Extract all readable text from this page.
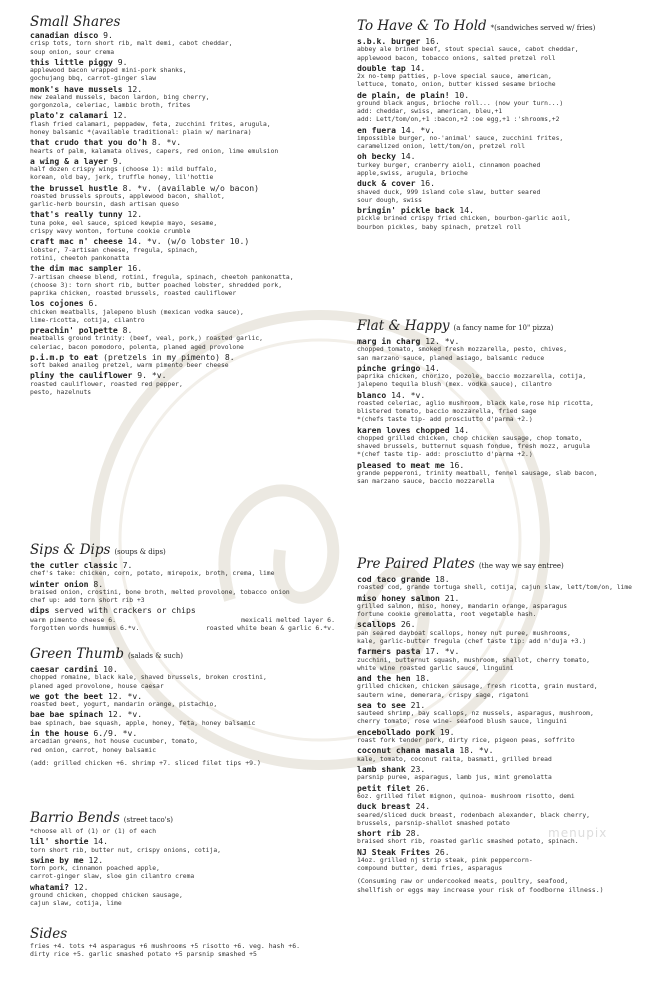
Small Shares
canadian disco 9.
crisp tots, torn short rib, malt demi, cabot cheddar,
soup onion, sour crema
this little piggy 9.
applewood bacon wrapped mini-pork shanks,
gochujang bbq, carrot-ginger slaw
monk's have mussels 12.
new zealand mussels, bacon lardon, bing cherry,
gorgonzola, celeriac, lambic broth, frites
plato'z calamari 12.
flash fried calamari, peppadew, feta, zucchini frites, arugula,
honey balsamic *(available traditional: plain w/ marinara)
that crudo that you do'h 8. *v.
hearts of palm, kalamata olives, capers, red onion, lime emulsion
a wing & a layer 9.
half dozen crispy wings (choose 1): mild buffalo,
korean, old bay, jerk, truffle honey, lil'hottie
the brussel hustle 8. *v. (available w/o bacon)
roasted brussels sprouts, applewood bacon, shallot,
garlic-herb boursin, dash artisan queso
that's really tunny 12.
tuna poke, eel sauce, spiced kewpie mayo, sesame,
crispy wavy wonton, fortune cookie crumble
craft mac n' cheese 14. *v. (w/o lobster 10.)
lobster, 7-artisan cheese, fregula, spinach,
rotini, cheetoh pankonatta
the dim mac sampler 16.
7-artisan cheese blend, rotini, fregula, spinach, cheetoh pankonatta,
(choose 3): torn short rib, butter poached lobster, shredded pork,
paprika chicken, roasted brussels, roasted cauliflower
los cojones 6.
chicken meatballs, jalepeno blush (mexican vodka sauce),
lime-ricotta, cotija, cilantro
preachin' polpette 8.
meatballs ground trinity: (beef, veal, pork,) roasted garlic,
celeriac, bacon pomodoro, polenta, planed aged provolone
p.i.m.p to eat (pretzels in my pimento) 8.
soft baked anailog pretzel, warm pimento beer cheese
pliny the cauliflower 9. *v.
roasted cauliflower, roasted red pepper,
pesto, hazelnuts
Sips & Dips (soups & dips)
the cutler classic 7.
chef's take: chicken, corn, potato, mirepoix, broth, crema, lime
winter onion 8.
braised onion, crostini, bone broth, melted provolone, tobacco onion
chef up: add torn short rib +3
dips served with crackers or chips
warm pimento cheese 6.	mexicali melted layer 6.
forgotten words hummus 6.*v.	roasted white bean & garlic 6.*v.
Green Thumb (salads & such)
caesar cardini 10.
chopped romaine, black kale, shaved brussels, broken crostini,
planed aged provolone, house caesar
we got the beet 12. *v.
roasted beet, yogurt, mandarin orange, pistachio,
bae bae spinach 12. *v.
bae spinach, bae squash, apple, honey, feta, honey balsamic
in the house 6./9. *v.
arcadian greens, hot house cucumber, tomato,
red onion, carrot, honey balsamic
(add: grilled chicken +6. shrimp +7. sliced filet tips +9.)
Barrio Bends (street taco's)
*choose all of (1) or (1) of each
lil' shortie 14.
torn short rib, butter nut, crispy onions, cotija,
swine by me 12.
torn pork, cinnamon poached apple,
carrot-ginger slaw, sloe gin cilantro crema
whatami? 12.
ground chicken, chopped chicken sausage,
cajun slaw, cotija, lime
Sides
fries +4. tots +4 asparagus +6 mushrooms +5 risotto +6. veg. hash +6.
dirty rice +5. garlic smashed potato +5 parsnip smashed +5
To Have & To Hold *(sandwiches served w/ fries)
s.b.k. burger 16.
abbey ale brined beef, stout special sauce, cabot cheddar,
applewood bacon, tobacco onions, salted pretzel roll
double tap 14.
2x no-temp patties, p-love special sauce, american,
lettuce, tomato, onion, butter kissed sesame brioche
de plain, de plain! 10.
ground black angus, brioche roll... (now your turn...)
add: cheddar, swiss, american, bleu,+1
add: Lett/tom/on,+1 :bacon,+2 :oe egg,+1 :'shrooms,+2
en fuera 14. *v.
impossible burger, no-'animal' sauce, zucchini frites,
caramelized onion, lett/tom/on, pretzel roll
oh becky 14.
turkey burger, cranberry aioli, cinnamon poached
apple,swiss, arugula, brioche
duck & cover 16.
shaved duck, 999 island cole slaw, butter seared
sour dough, swiss
bringin' pickle back 14.
pickle brined crispy fried chicken, bourbon-garlic aoil,
bourbon pickles, baby spinach, pretzel roll
Flat & Happy (a fancy name for 10" pizza)
marg in charg 12. *v.
chopped tomato, smoked fresh mozzarella, pesto, chives,
san marzano sauce, planed asiago, balsamic reduce
pinche gringo 14.
paprika chicken, chorizo, pozole, baccio mozzarella, cotija,
jalepeno tequila blush (mex. vodka sauce), cilantro
blanco 14. *v.
roasted celeriac, aglio mushroom, black kale,rose hip ricotta,
blistered tomato, baccio mozzarella, fried sage
*(chefs taste tip- add prosciutto d'parma +2.)
karen loves chopped 14.
chopped grilled chicken, chop chicken sausage, chop tomato,
shaved brussels, butternut squash fondue, fresh mozz, arugula
*(chef taste tip- add: prosciutto d'parma +2.)
pleased to meat me 16.
grande pepperoni, trinity meatball, fennel sausage, slab bacon,
san marzano sauce, baccio mozzarella
Pre Paired Plates (the way we say entree)
cod taco grande 18.
roasted cod, grande tortuga shell, cotija, cajun slaw, lett/tom/on, lime
miso honey salmon 21.
grilled salmon, miso, honey, mandarin orange, asparagus
fortune cookie gremolatta, root vegetable hash.
scallops 26.
pan seared dayboat scallops, honey nut puree, mushrooms,
kale, garlic-butter fregula (chef taste tip: add n'duja +3.)
farmers pasta 17. *v.
zucchini, butternut squash, mushroom, shallot, cherry tomato,
white wine roasted garlic sauce, linguini
and the hen 18.
grilled chicken, chicken sausage, fresh ricotta, grain mustard,
sautern wine, demerara, crispy sage, rigatoni
sea to see 21.
sauteed shrimp, bay scallops, nz mussels, asparagus, mushroom,
cherry tomato, rose wine- seafood blush sauce, linguini
encebollado pork 19.
roast fork tender pork, dirty rice, pigeon peas, soffrito
coconut chana masala 18. *v.
kale, tomato, coconut raita, basmati, grilled bread
lamb shank 23.
parsnip puree, asparagus, lamb jus, mint gremolatta
petit filet 26.
6oz. grilled filet mignon, quinoa- mushroom risotto, demi
duck breast 24.
seared/sliced duck breast, rodenbach alexander, black cherry,
brussels, parsnip-shallot smashed potato
short rib 28.
braised short rib, roasted garlic smashed potato, spinach.
NJ Steak Frites 26.
14oz. grilled nj strip steak, pink peppercorn-
compound butter, demi fries, asparagus
(Consuming raw or undercooked meats, poultry, seafood,
shellfish or eggs may increase your risk of foodborne illness.)
menupix
